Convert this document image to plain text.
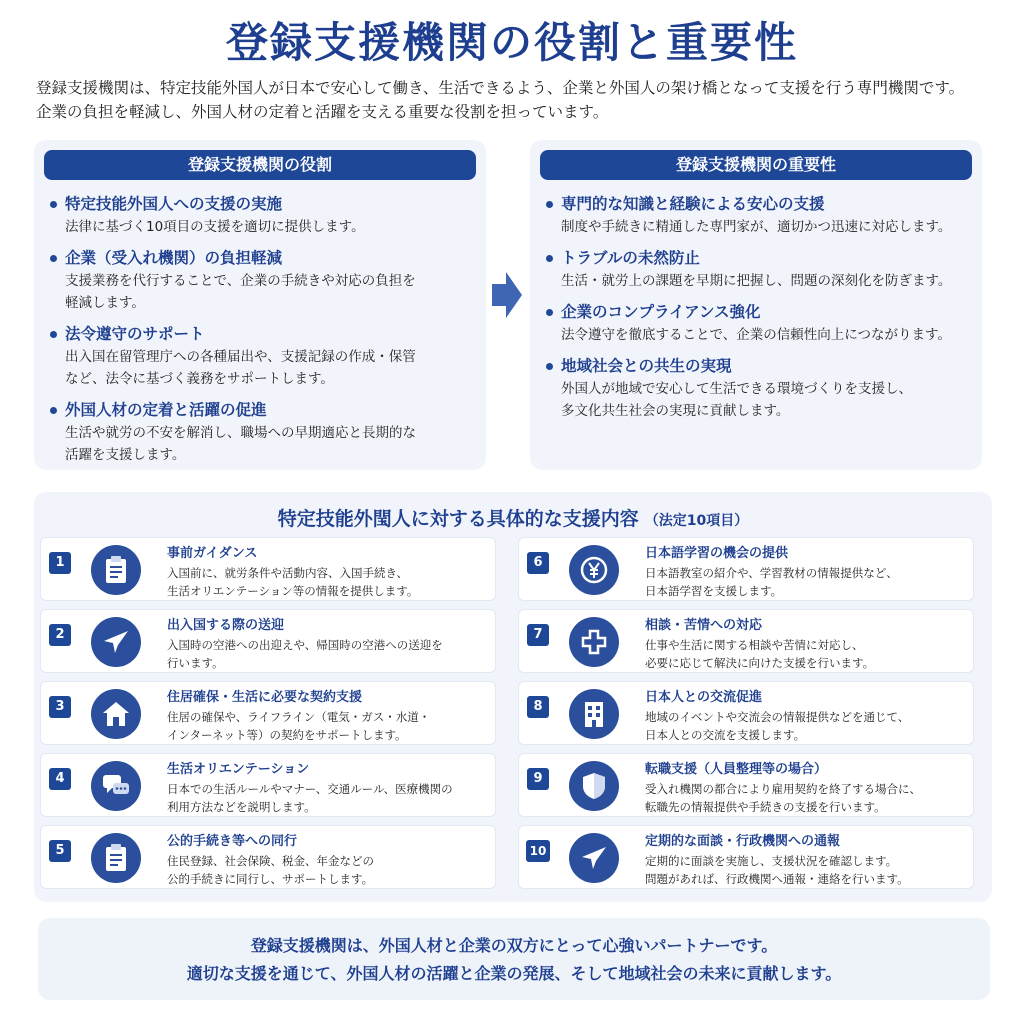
登録支援機関の役割と重要性
登録支援機関は、特定技能外国人が日本で安心して働き、生活できるよう、企業と外国人の架け橋となって支援を行う専門機関です。
企業の負担を軽減し、外国人材の定着と活躍を支える重要な役割を担っています。
登録支援機関の役割
特定技能外国人への支援の実施
法律に基づく10項目の支援を適切に提供します。
企業（受入れ機関）の負担軽減
支援業務を代行することで、企業の手続きや対応の負担を
軽減します。
法令遵守のサポート
出入国在留管理庁への各種届出や、支援記録の作成・保管
など、法令に基づく義務をサポートします。
外国人材の定着と活躍の促進
生活や就労の不安を解消し、職場への早期適応と長期的な
活躍を支援します。
登録支援機関の重要性
専門的な知識と経験による安心の支援
制度や手続きに精通した専門家が、適切かつ迅速に対応します。
トラブルの未然防止
生活・就労上の課題を早期に把握し、問題の深刻化を防ぎます。
企業のコンプライアンス強化
法令遵守を徹底することで、企業の信頼性向上につながります。
地域社会との共生の実現
外国人が地域で安心して生活できる環境づくりを支援し、
多文化共生社会の実現に貢献します。
特定技能外閠人に対する具体的な支援内容 （法定10項目）
1
事前ガイダンス
入国前に、就労条件や活動内容、入国手続き、
生活オリエンテーション等の情報を提供します。
2
出入国する際の送迎
入国時の空港への出迎えや、帰国時の空港への送迎を
行います。
3
住居確保・生活に必要な契約支援
住居の確保や、ライフライン（電気・ガス・水道・
インターネット等）の契約をサポートします。
4
生活オリエンテーション
日本での生活ルールやマナー、交通ルール、医療機関の
利用方法などを説明します。
5
公的手続き等への同行
住民登録、社会保険、税金、年金などの
公的手続きに同行し、サポートします。
6
日本語学習の機会の提供
日本語教室の紹介や、学習教材の情報提供など、
日本語学習を支援します。
7
相談・苦情への対応
仕事や生活に関する相談や苦情に対応し、
必要に応じて解決に向けた支援を行います。
8
日本人との交流促進
地域のイベントや交流会の情報提供などを通じて、
日本人との交流を支援します。
9
転職支援（人員整理等の場合）
受入れ機関の都合により雇用契約を終了する場合に、
転職先の情報提供や手続きの支援を行います。
10
定期的な面談・行政機関への通報
定期的に面談を実施し、支援状況を確認します。
問題があれば、行政機関へ通報・連絡を行います。
登録支援機関は、外国人材と企業の双方にとって心強いパートナーです。
適切な支援を通じて、外国人材の活躍と企業の発展、そして地域社会の未来に貢献します。
